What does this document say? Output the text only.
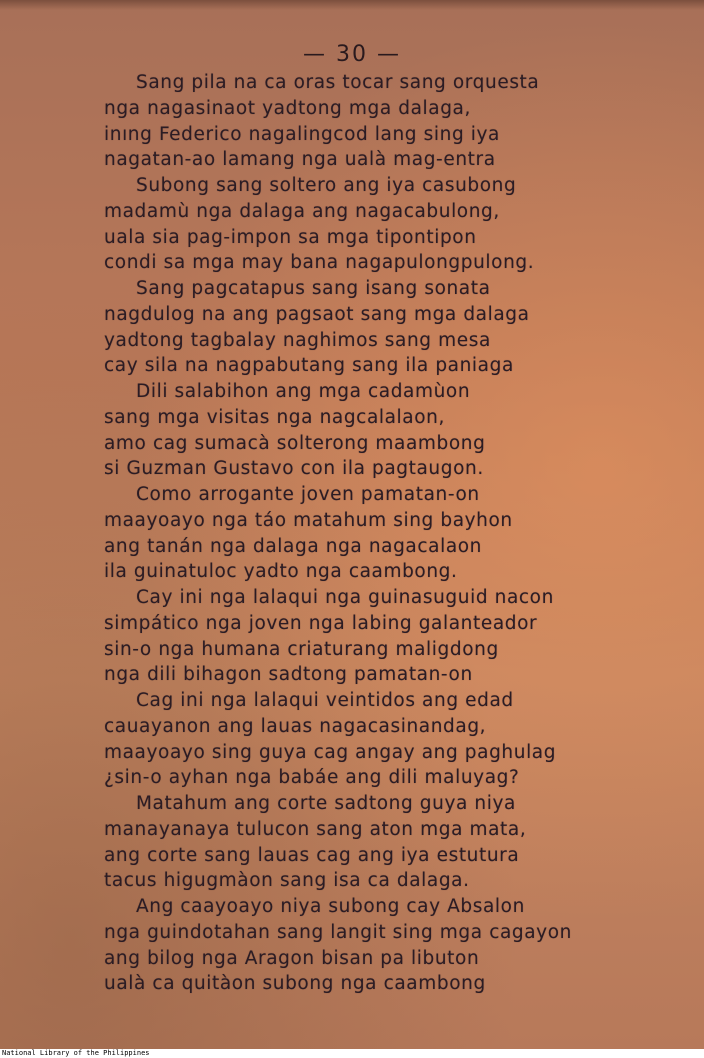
— 30 —
Sang pila na ca oras tocar sang orquesta
nga nagasinaot yadtong mga dalaga,
inıng Federico nagalingcod lang sing iya
nagatan-ao lamang nga ualà mag-entra
Subong sang soltero ang iya casubong
madamù nga dalaga ang nagacabulong,
uala sia pag-impon sa mga tipontipon
condi sa mga may bana nagapulongpulong.
Sang pagcatapus sang isang sonata
nagdulog na ang pagsaot sang mga dalaga
yadtong tagbalay naghimos sang mesa
cay sila na nagpabutang sang ila paniaga
Dili salabihon ang mga cadamùon
sang mga visitas nga nagcalalaon,
amo cag sumacà solterong maambong
si Guzman Gustavo con ila pagtaugon.
Como arrogante joven pamatan-on
maayoayo nga táo matahum sing bayhon
ang tanán nga dalaga nga nagacalaon
ila guinatuloc yadto nga caambong.
Cay ini nga lalaqui nga guinasuguid nacon
simpático nga joven nga labing galanteador
sin-o nga humana criaturang maligdong
nga dili bihagon sadtong pamatan-on
Cag ini nga lalaqui veintidos ang edad
cauayanon ang lauas nagacasinandag,
maayoayo sing guya cag angay ang paghulag
¿sin-o ayhan nga babáe ang dili maluyag?
Matahum ang corte sadtong guya niya
manayanaya tulucon sang aton mga mata,
ang corte sang lauas cag ang iya estutura
tacus higugmàon sang isa ca dalaga.
Ang caayoayo niya subong cay Absalon
nga guindotahan sang langit sing mga cagayon
ang bilog nga Aragon bisan pa libuton
ualà ca quitàon subong nga caambong
National Library of the Philippines
